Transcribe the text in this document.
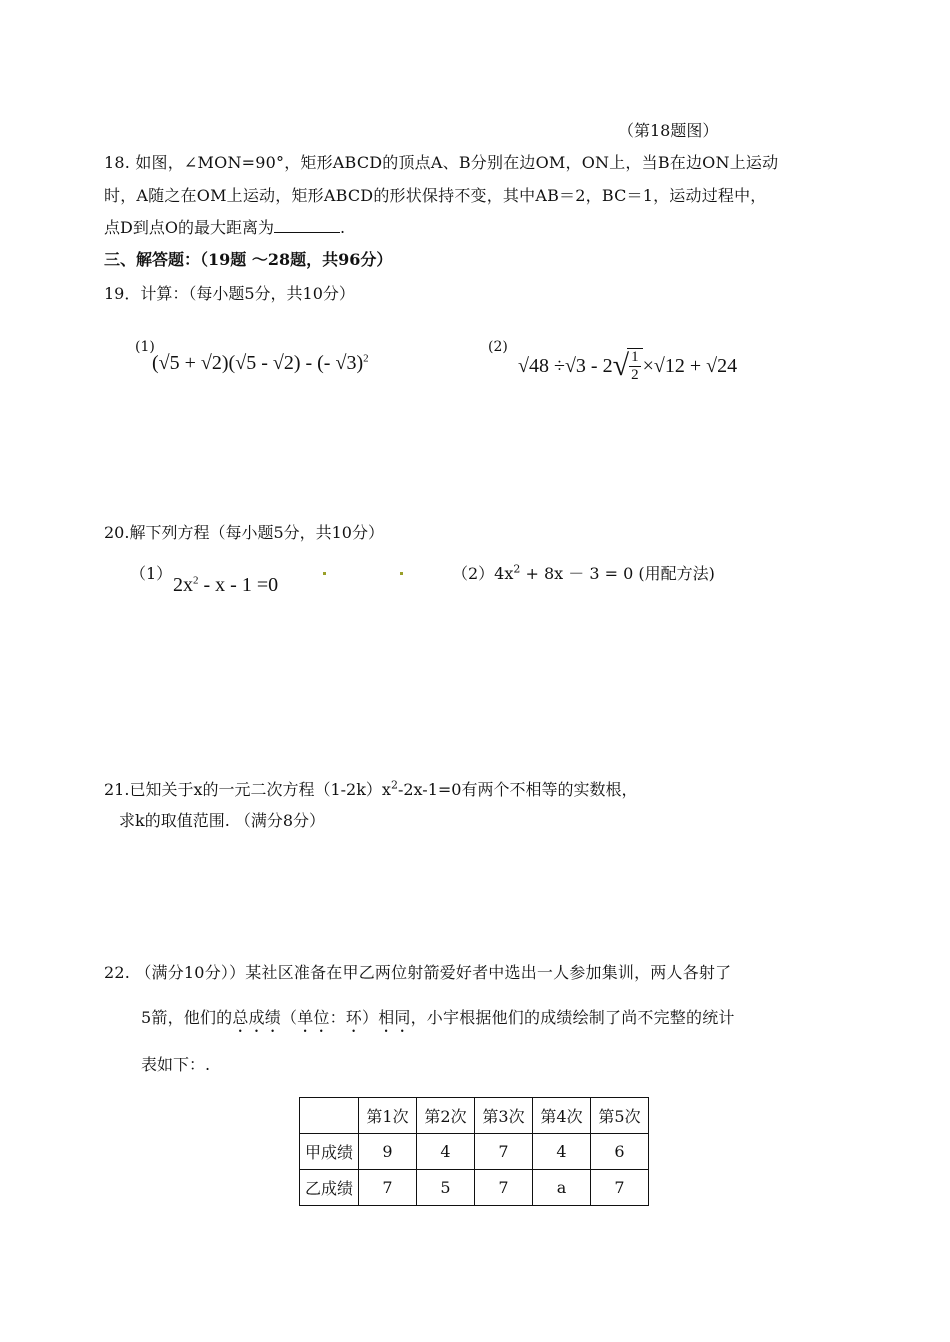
（第18题图）
18. 如图，∠MON=90°，矩形ABCD的顶点A、B分别在边OM，ON上，当B在边ON上运动
时，A随之在OM上运动，矩形ABCD的形状保持不变，其中AB＝2，BC＝1，运动过程中，
点D到点O的最大距离为	.
三、解答题：（19题 ～28题，共96分）
19．计算：（每小题5分，共10分）
(1)
(√5 + √2)(√5 - √2) - (- √3)$^2$
(2)
√48 ÷√3 - 2 √
$\frac{1}{2} \times√12 + √24$
20.解下列方程（每小题5分，共10分）
（1）
$2x^2 - x - 1 =0$
$(2)4x^2 + 8x - 3 = 0$ (用配方法)
21.已知关于x的一元二次方程$(1-2k)x^2-2x-1=0$有两个不相等的实数根，
求k的取值范围. （满分8分）
22. （满分10分））某社区准备在甲乙两位射箭爱好者中选出一人参加集训，两人各射了
5箭，他们的总成绩（单位：环）相同，小宇根据他们的成绩绘制了尚不完整的统计
表如下：.
	第1次	第2次	第3次	第4次	第5次
甲成绩	9	4	7	4	6
乙成绩	7	5	7	a	7
